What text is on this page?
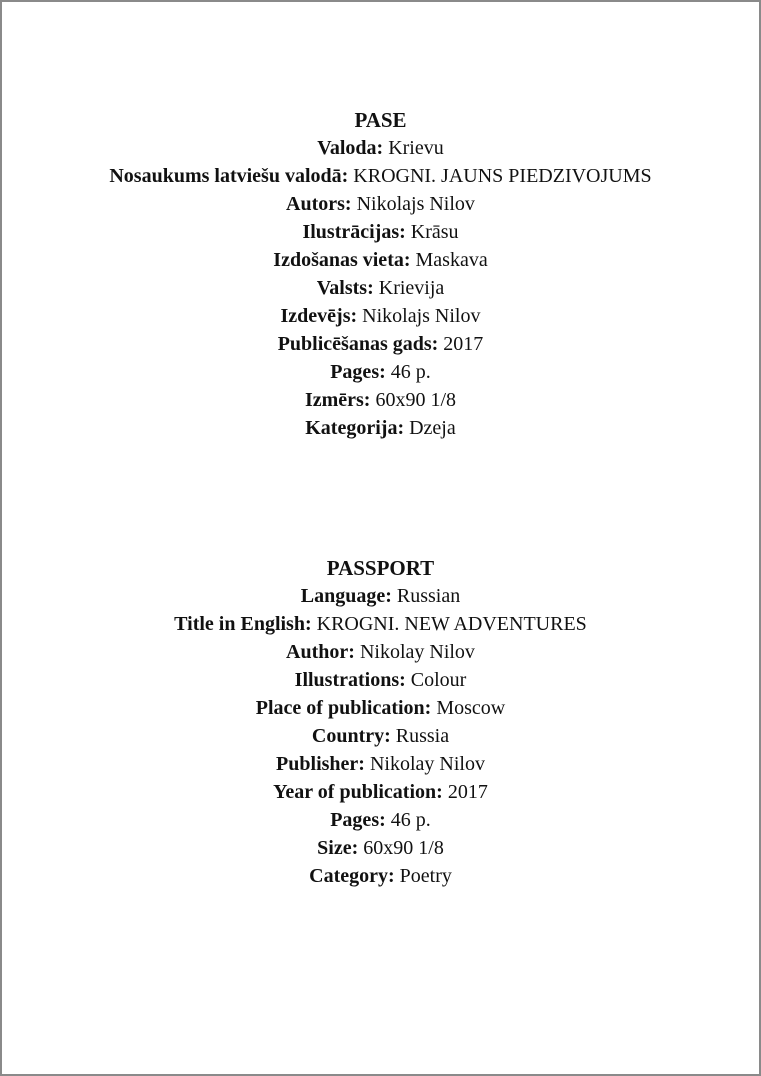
PASE
Valoda: Krievu
Nosaukums latviešu valodā: KROGNI. JAUNS PIEDZIVOJUMS
Autors: Nikolajs Nilov
Ilustrācijas: Krāsu
Izdošanas vieta: Maskava
Valsts: Krievija
Izdevējs: Nikolajs Nilov
Publicēšanas gads: 2017
Pages: 46 p.
Izmērs: 60x90 1/8
Kategorija: Dzeja
PASSPORT
Language: Russian
Title in English: KROGNI. NEW ADVENTURES
Author: Nikolay Nilov
Illustrations: Colour
Place of publication: Moscow
Country: Russia
Publisher: Nikolay Nilov
Year of publication: 2017
Pages: 46 p.
Size: 60x90 1/8
Category: Poetry
